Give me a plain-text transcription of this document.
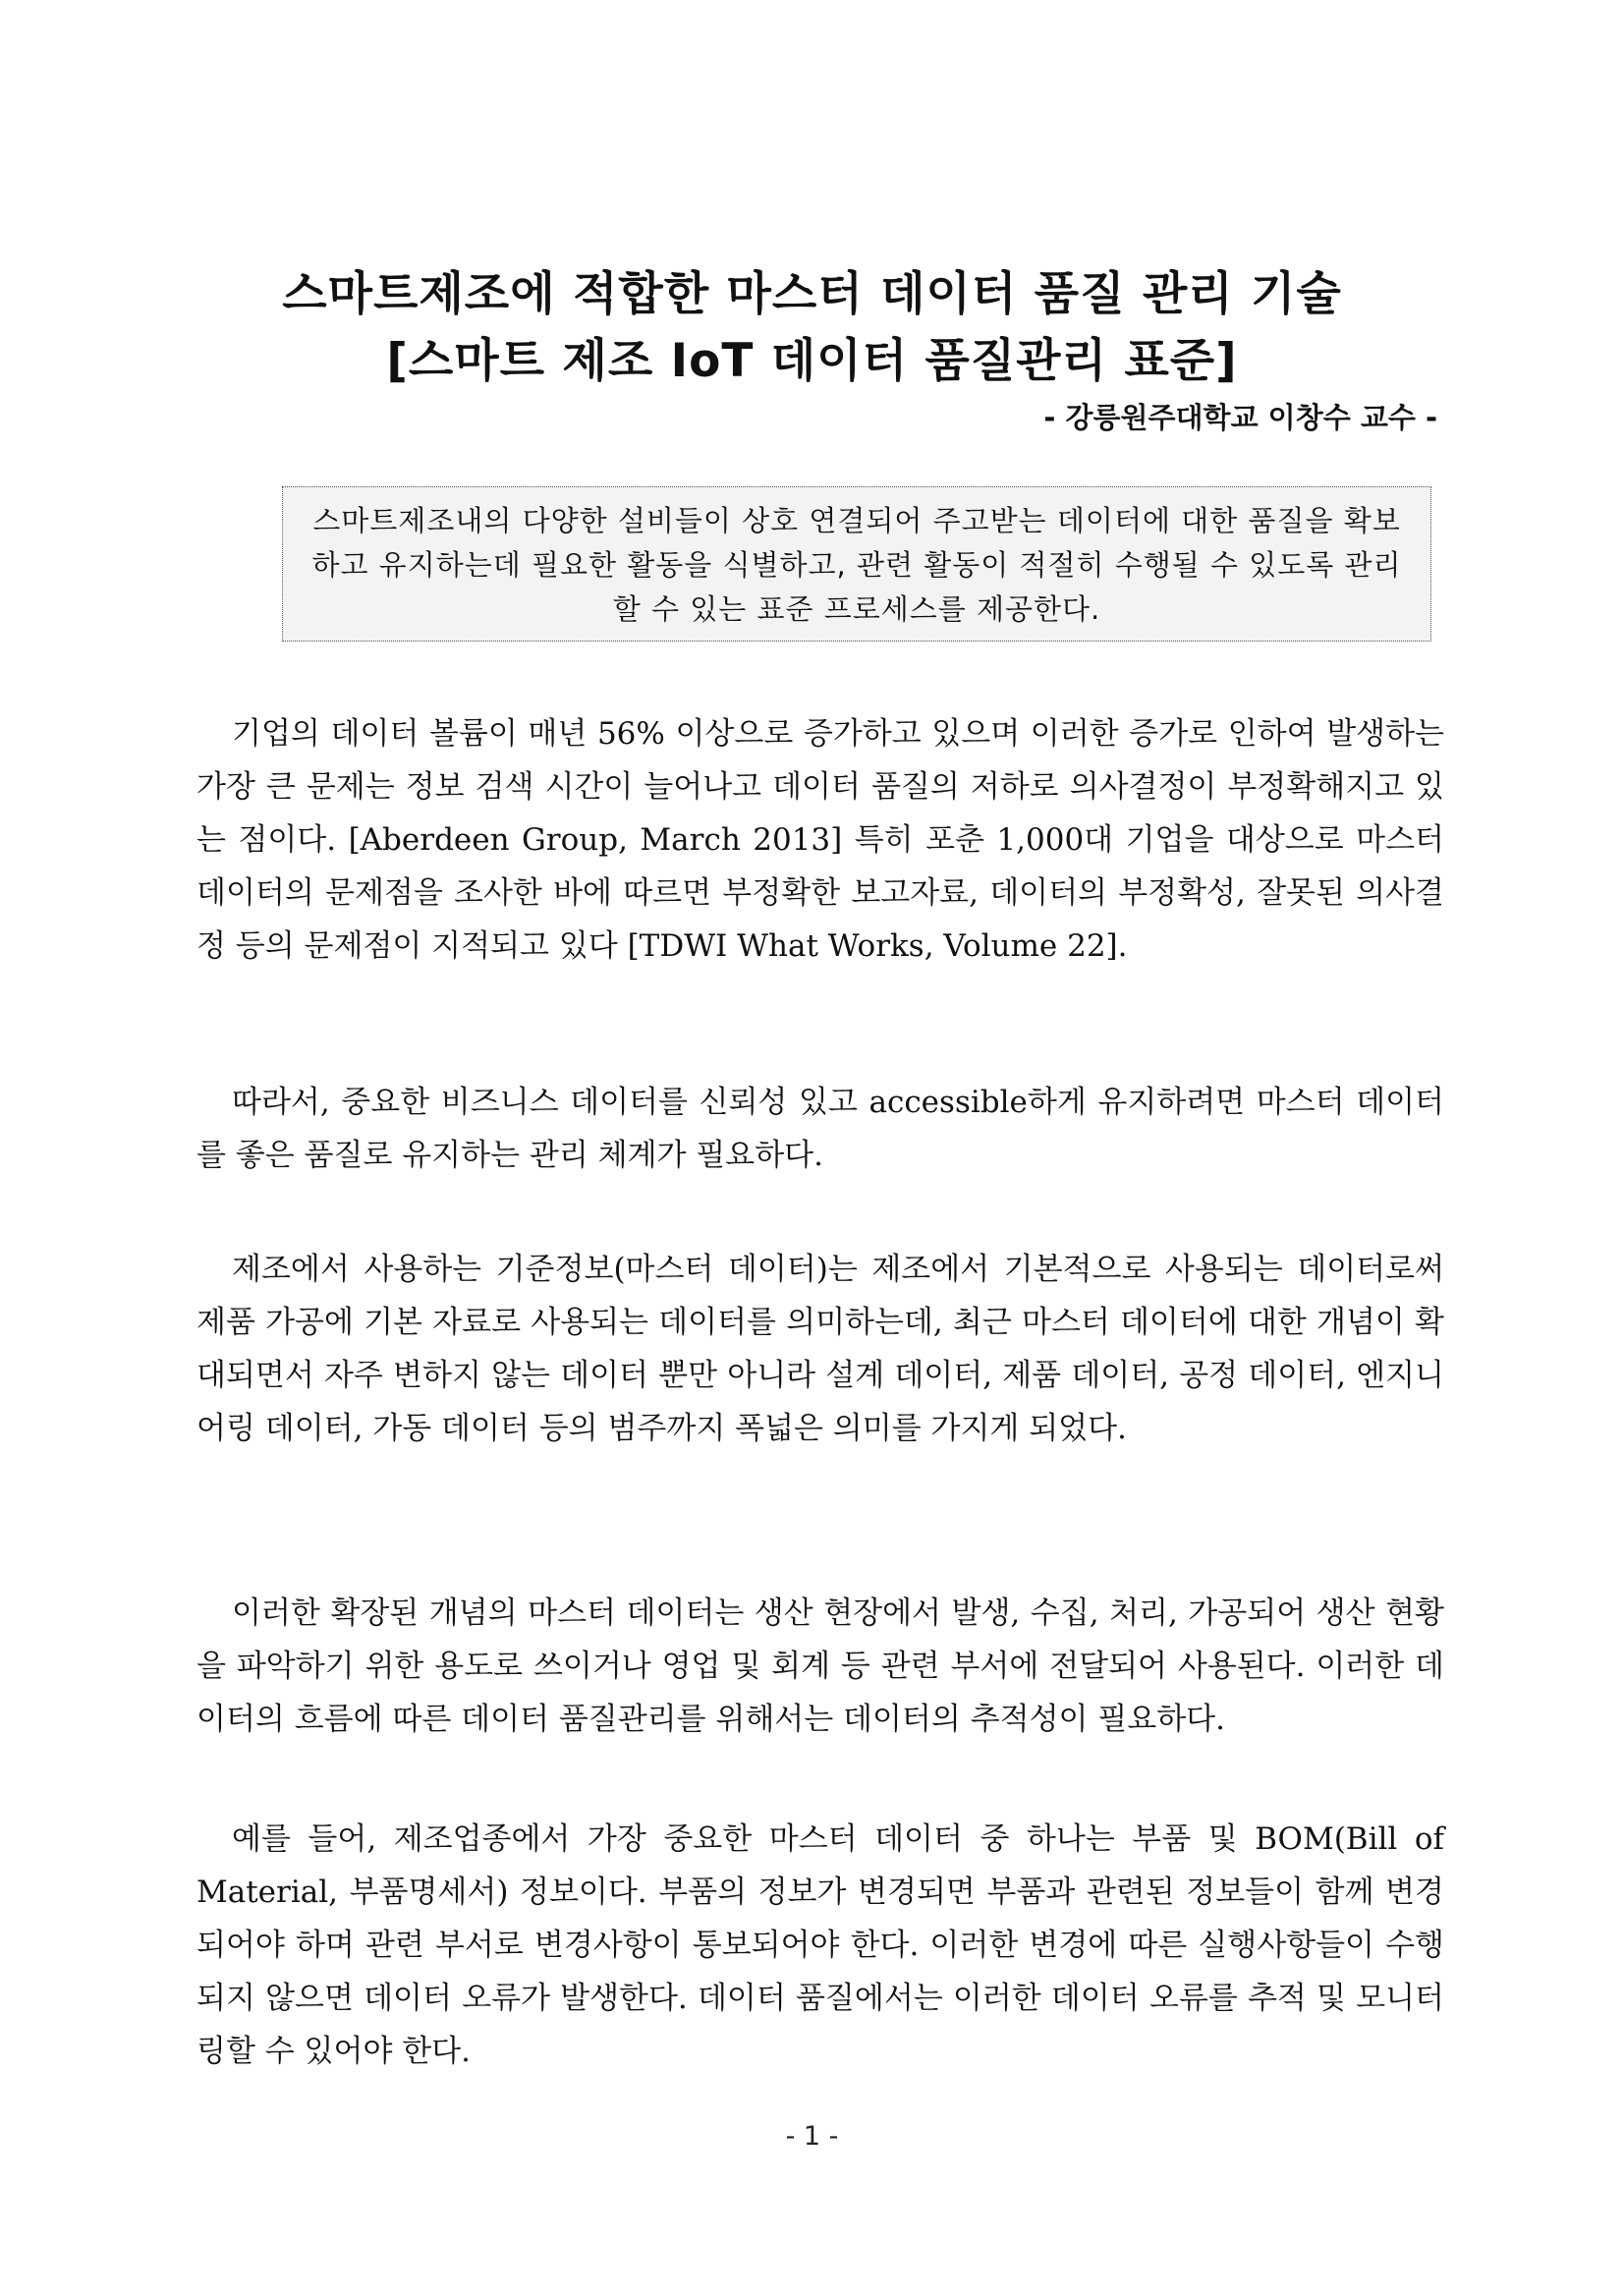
스마트제조에 적합한 마스터 데이터 품질 관리 기술
[스마트 제조 IoT 데이터 품질관리 표준]
- 강릉원주대학교 이창수 교수 -
스마트제조내의 다양한 설비들이 상호 연결되어 주고받는 데이터에 대한 품질을 확보하고 유지하는데 필요한 활동을 식별하고, 관련 활동이 적절히 수행될 수 있도록 관리할 수 있는 표준 프로세스를 제공한다.

기업의 데이터 볼륨이 매년 56% 이상으로 증가하고 있으며 이러한 증가로 인하여 발생하는 가장 큰 문제는 정보 검색 시간이 늘어나고 데이터 품질의 저하로 의사결정이 부정확해지고 있는 점이다. [Aberdeen Group, March 2013] 특히 포춘 1,000대 기업을 대상으로 마스터 데이터의 문제점을 조사한 바에 따르면 부정확한 보고자료, 데이터의 부정확성, 잘못된 의사결정 등의 문제점이 지적되고 있다 [TDWI What Works, Volume 22].

따라서, 중요한 비즈니스 데이터를 신뢰성 있고 accessible하게 유지하려면 마스터 데이터를 좋은 품질로 유지하는 관리 체계가 필요하다.

제조에서 사용하는 기준정보(마스터 데이터)는 제조에서 기본적으로 사용되는 데이터로써 제품 가공에 기본 자료로 사용되는 데이터를 의미하는데, 최근 마스터 데이터에 대한 개념이 확대되면서 자주 변하지 않는 데이터 뿐만 아니라 설계 데이터, 제품 데이터, 공정 데이터, 엔지니어링 데이터, 가동 데이터 등의 범주까지 폭넓은 의미를 가지게 되었다.

이러한 확장된 개념의 마스터 데이터는 생산 현장에서 발생, 수집, 처리, 가공되어 생산 현황을 파악하기 위한 용도로 쓰이거나 영업 및 회계 등 관련 부서에 전달되어 사용된다. 이러한 데이터의 흐름에 따른 데이터 품질관리를 위해서는 데이터의 추적성이 필요하다.

예를 들어, 제조업종에서 가장 중요한 마스터 데이터 중 하나는 부품 및 BOM(Bill of Material, 부품명세서) 정보이다. 부품의 정보가 변경되면 부품과 관련된 정보들이 함께 변경되어야 하며 관련 부서로 변경사항이 통보되어야 한다. 이러한 변경에 따른 실행사항들이 수행되지 않으면 데이터 오류가 발생한다. 데이터 품질에서는 이러한 데이터 오류를 추적 및 모니터링할 수 있어야 한다.

- 1 -
